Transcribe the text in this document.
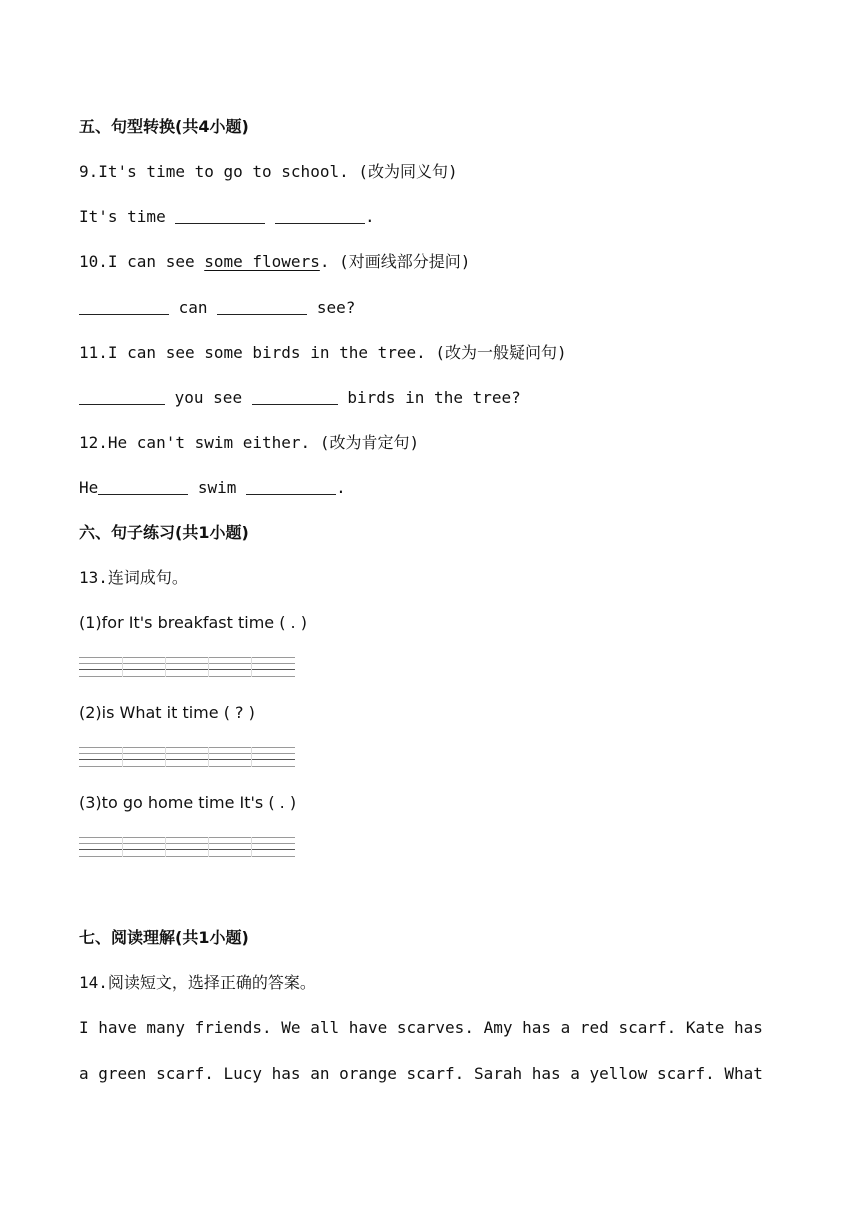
五、句型转换(共4小题)
9.It's time to go to school. (改为同义句)
It's time	.
10.I can see some flowers. (对画线部分提问)
can	see?
11.I can see some birds in the tree. (改为一般疑问句)
you see	birds in the tree?
12.He can't swim either. (改为肯定句)
He	swim	.
六、句子练习(共1小题)
13.连词成句。
(1)for It's breakfast time ( . )
(2)is What it time ( ? )
(3)to go home time It's ( . )
七、阅读理解(共1小题)
14.阅读短文，选择正确的答案。
I have many friends. We all have scarves. Amy has a red scarf. Kate has
a green scarf. Lucy has an orange scarf. Sarah has a yellow scarf. What
